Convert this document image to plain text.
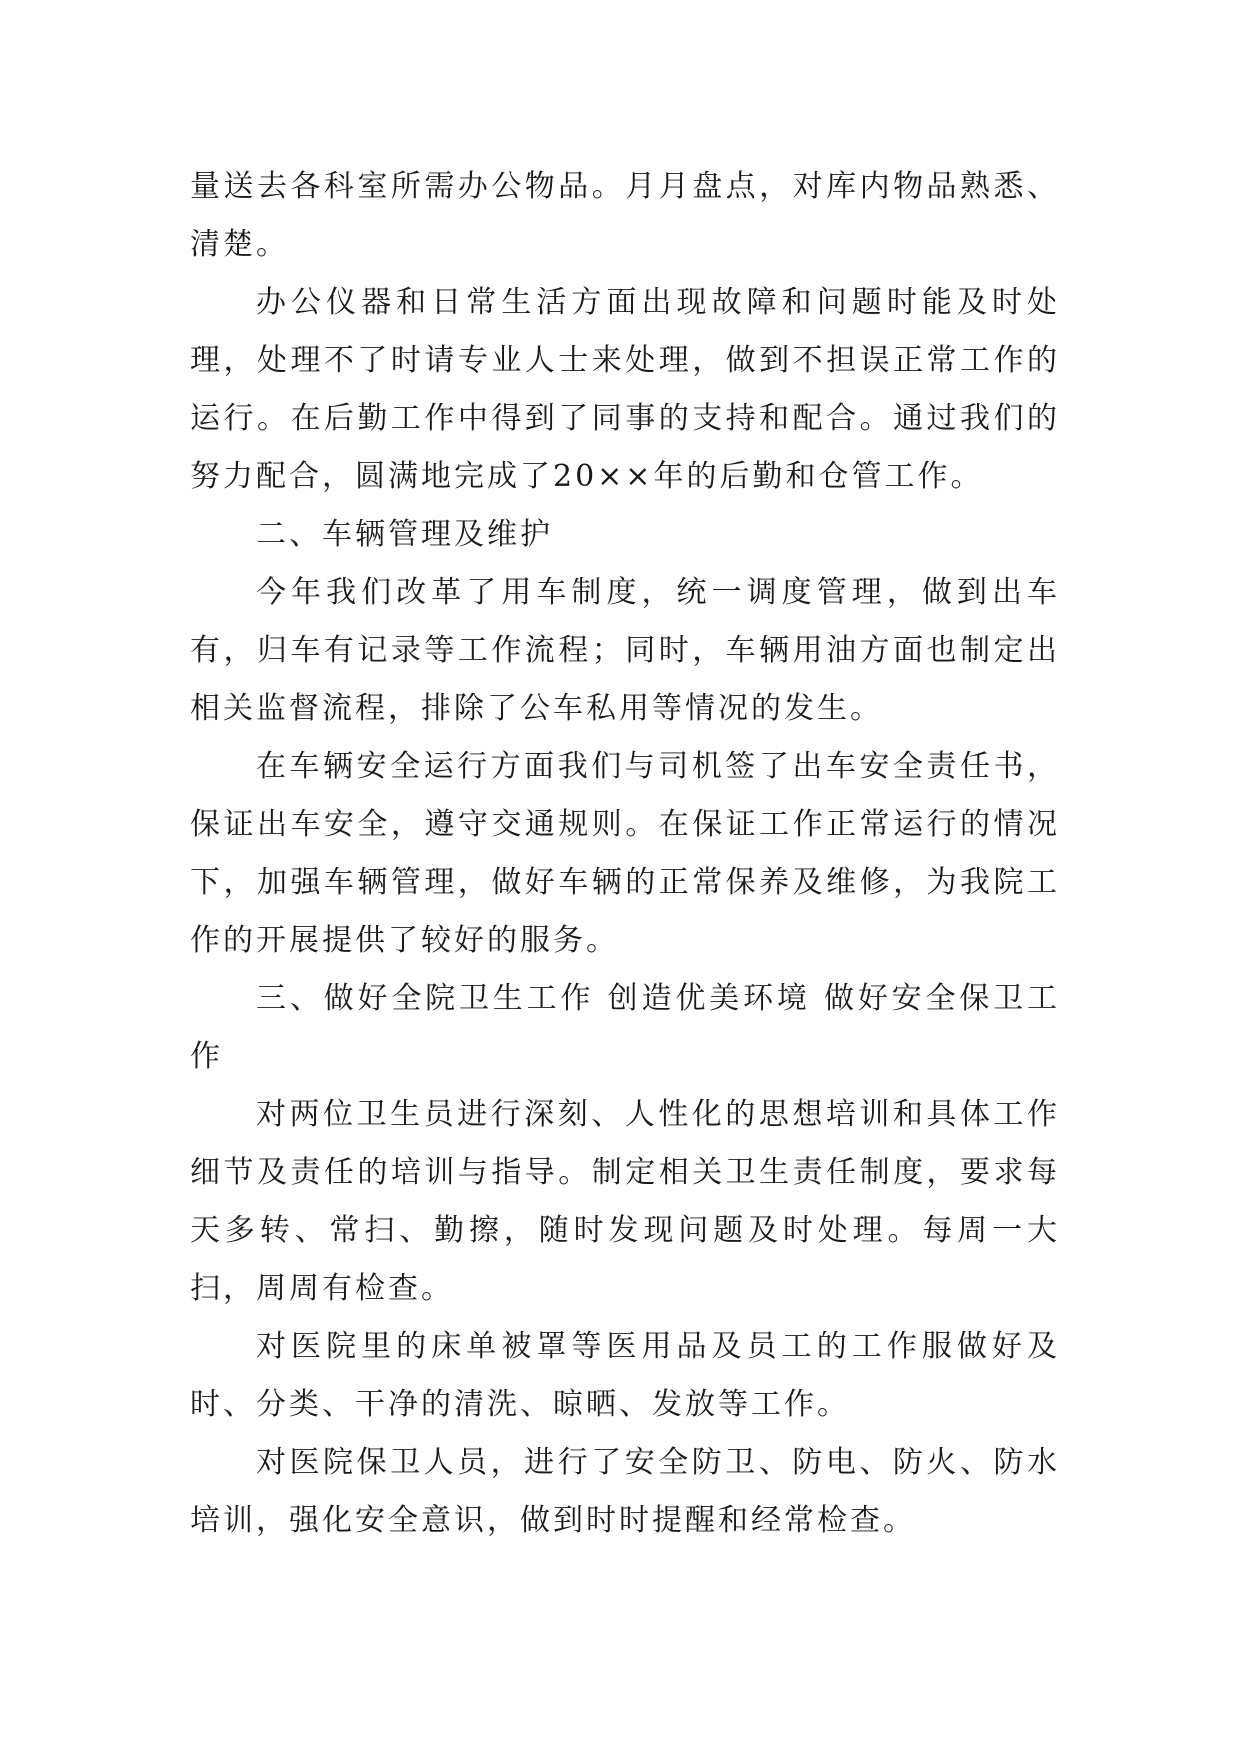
量送去各科室所需办公物品。月月盘点，对库内物品熟悉、清楚。

办公仪器和日常生活方面出现故障和问题时能及时处理，处理不了时请专业人士来处理，做到不担误正常工作的运行。在后勤工作中得到了同事的支持和配合。通过我们的努力配合，圆满地完成了20××年的后勤和仓管工作。

二、车辆管理及维护

今年我们改革了用车制度，统一调度管理，做到出车有，归车有记录等工作流程；同时，车辆用油方面也制定出相关监督流程，排除了公车私用等情况的发生。

在车辆安全运行方面我们与司机签了出车安全责任书，保证出车安全，遵守交通规则。在保证工作正常运行的情况下，加强车辆管理，做好车辆的正常保养及维修，为我院工作的开展提供了较好的服务。

三、做好全院卫生工作 创造优美环境 做好安全保卫工作

对两位卫生员进行深刻、人性化的思想培训和具体工作细节及责任的培训与指导。制定相关卫生责任制度，要求每天多转、常扫、勤擦，随时发现问题及时处理。每周一大扫，周周有检查。

对医院里的床单被罩等医用品及员工的工作服做好及时、分类、干净的清洗、晾晒、发放等工作。

对医院保卫人员，进行了安全防卫、防电、防火、防水培训，强化安全意识，做到时时提醒和经常检查。
